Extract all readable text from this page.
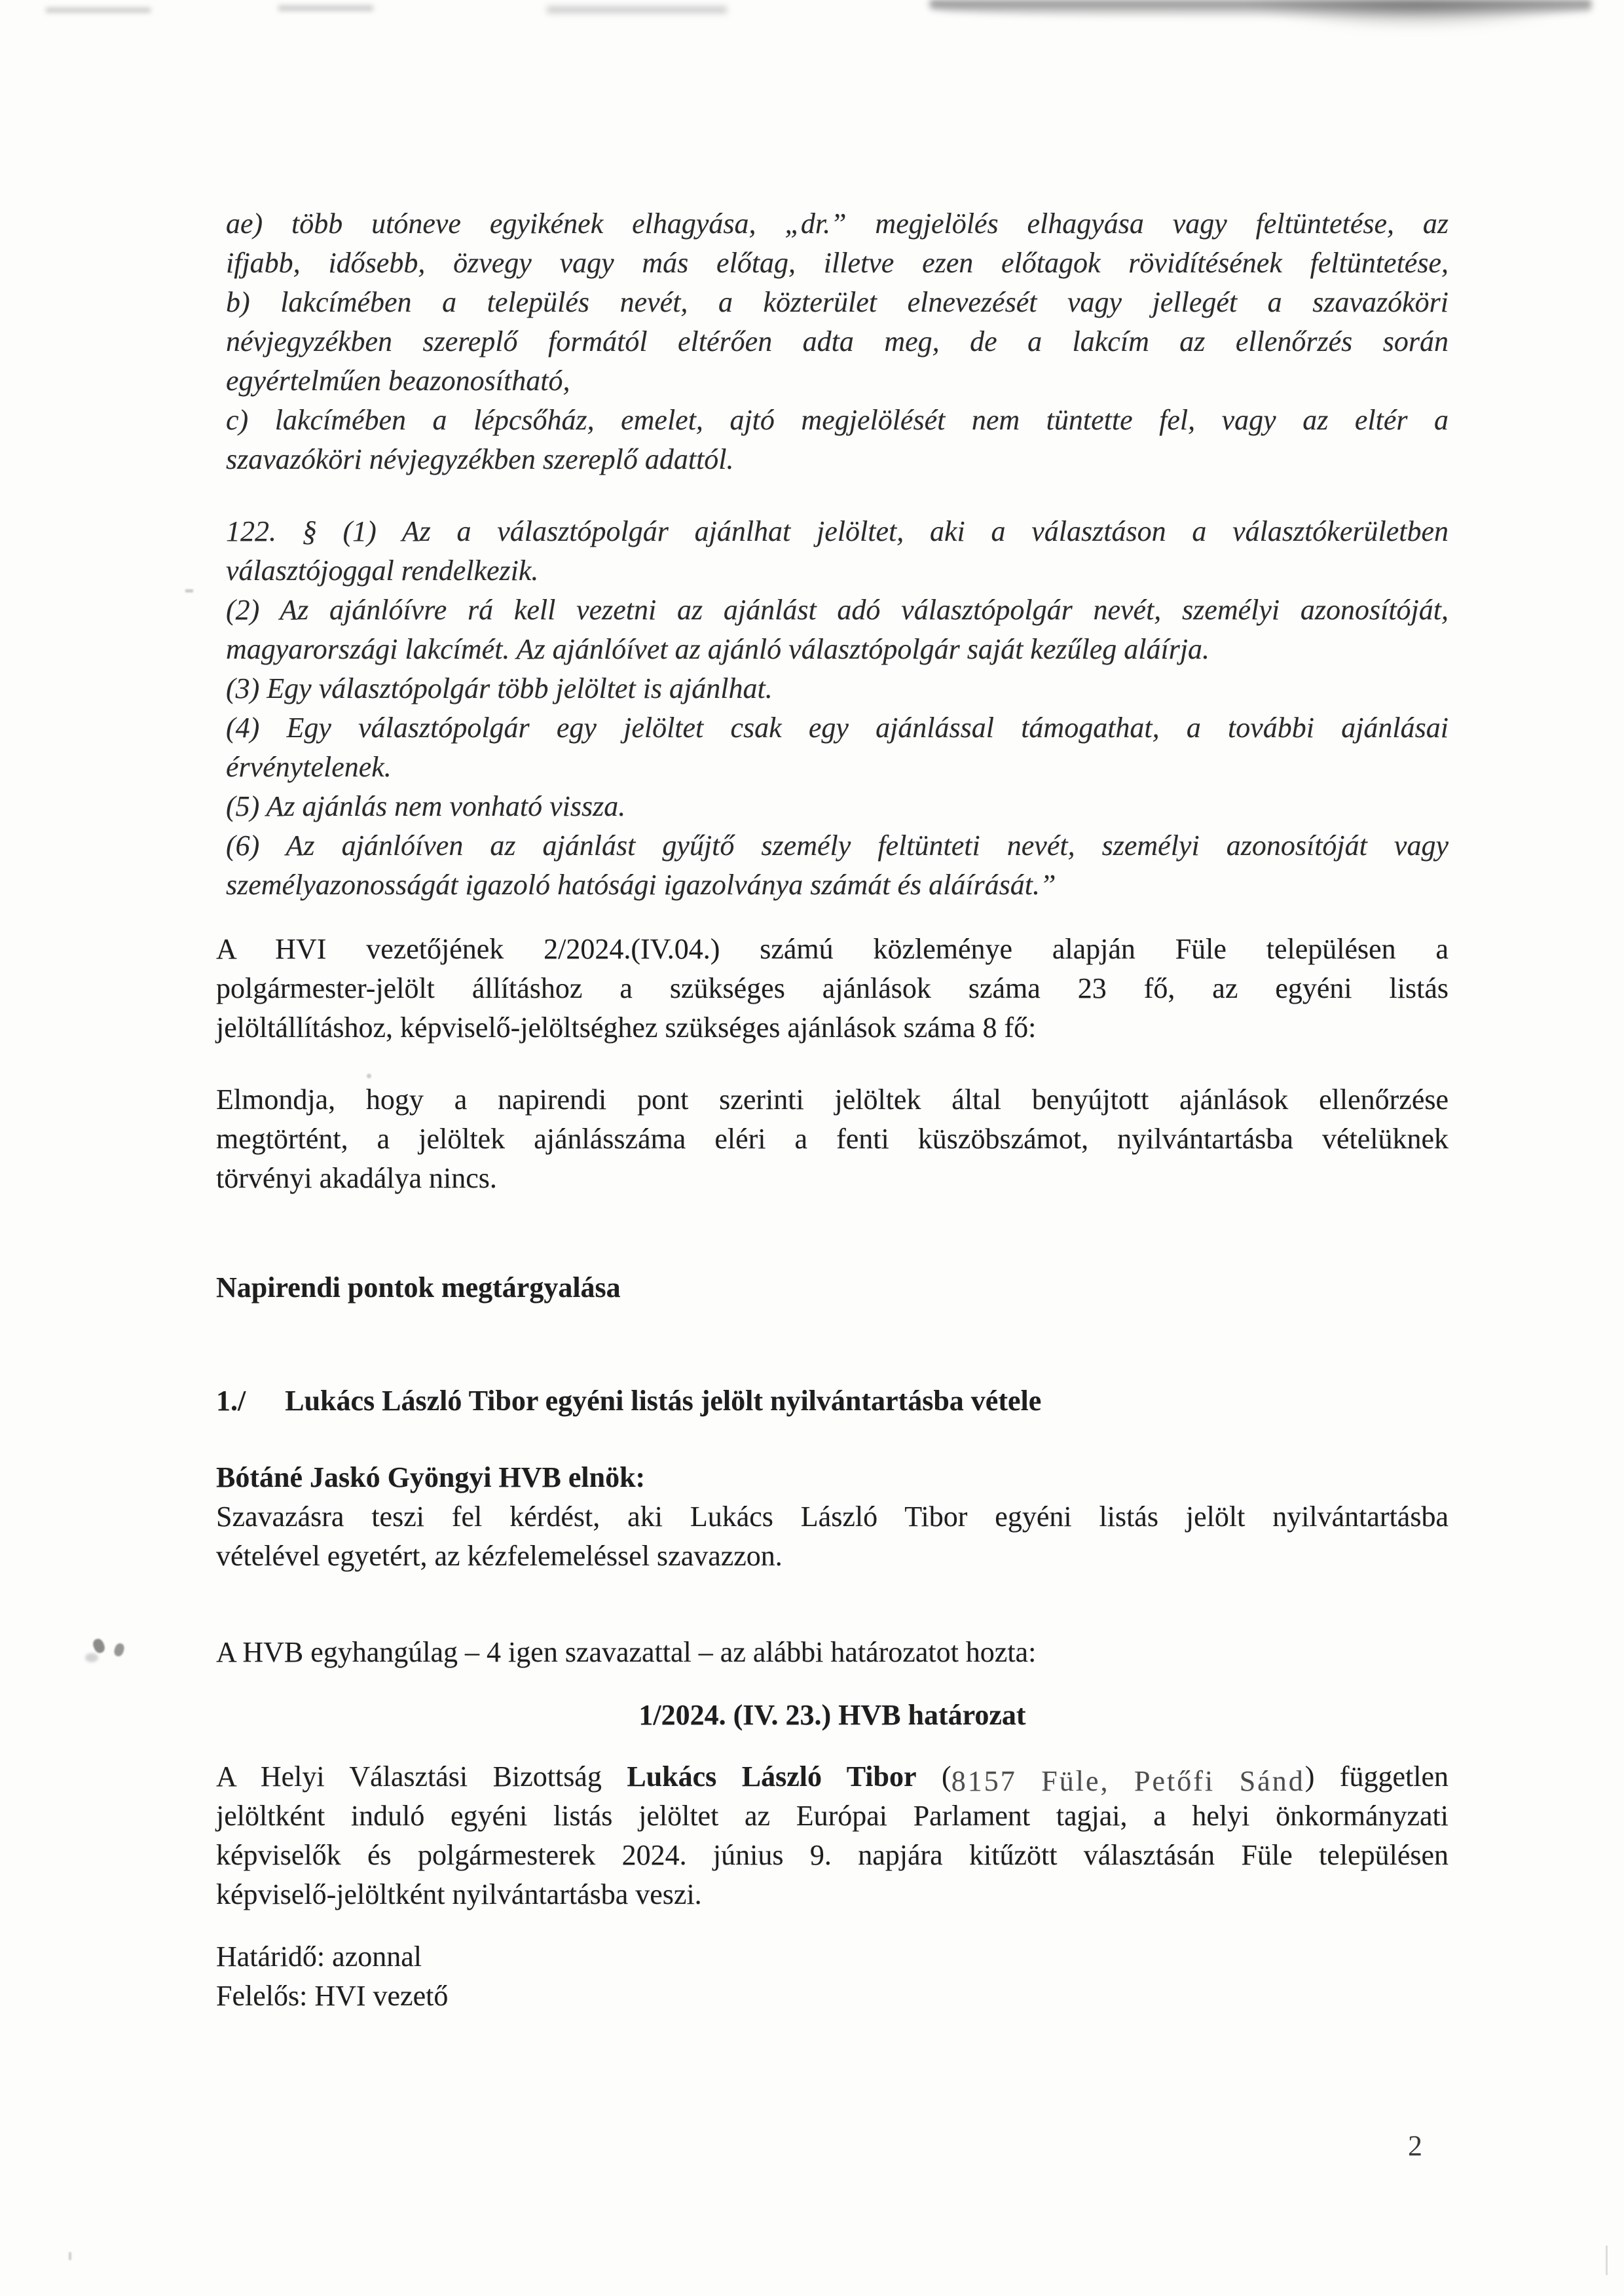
ae) több utóneve egyikének elhagyása, „dr.” megjelölés elhagyása vagy feltüntetése, az
ifjabb, idősebb, özvegy vagy más előtag, illetve ezen előtagok rövidítésének feltüntetése,
b) lakcímében a település nevét, a közterület elnevezését vagy jellegét a szavazóköri
névjegyzékben szereplő formától eltérően adta meg, de a lakcím az ellenőrzés során
egyértelműen beazonosítható,
c) lakcímében a lépcsőház, emelet, ajtó megjelölését nem tüntette fel, vagy az eltér a
szavazóköri névjegyzékben szereplő adattól.
122. § (1) Az a választópolgár ajánlhat jelöltet, aki a választáson a választókerületben
választójoggal rendelkezik.
(2) Az ajánlóívre rá kell vezetni az ajánlást adó választópolgár nevét, személyi azonosítóját,
magyarországi lakcímét. Az ajánlóívet az ajánló választópolgár saját kezűleg aláírja.
(3) Egy választópolgár több jelöltet is ajánlhat.
(4) Egy választópolgár egy jelöltet csak egy ajánlással támogathat, a további ajánlásai
érvénytelenek.
(5) Az ajánlás nem vonható vissza.
(6) Az ajánlóíven az ajánlást gyűjtő személy feltünteti nevét, személyi azonosítóját vagy
személyazonosságát igazoló hatósági igazolványa számát és aláírását.”
A HVI vezetőjének 2/2024.(IV.04.) számú közleménye alapján Füle településen a
polgármester-jelölt állításhoz a szükséges ajánlások száma 23 fő, az egyéni listás
jelöltállításhoz, képviselő-jelöltséghez szükséges ajánlások száma 8 fő:
Elmondja, hogy a napirendi pont szerinti jelöltek által benyújtott ajánlások ellenőrzése
megtörtént, a jelöltek ajánlásszáma eléri a fenti küszöbszámot, nyilvántartásba vételüknek
törvényi akadálya nincs.
Napirendi pontok megtárgyalása
1./ Lukács László Tibor egyéni listás jelölt nyilvántartásba vétele
Bótáné Jaskó Gyöngyi HVB elnök:
Szavazásra teszi fel kérdést, aki Lukács László Tibor egyéni listás jelölt nyilvántartásba
vételével egyetért, az kézfelemeléssel szavazzon.
A HVB egyhangúlag – 4 igen szavazattal – az alábbi határozatot hozta:
1/2024. (IV. 23.) HVB határozat
A Helyi Választási Bizottság Lukács László Tibor ( 8157 Füle, Petőfi Sánd ) független
jelöltként induló egyéni listás jelöltet az Európai Parlament tagjai, a helyi önkormányzati
képviselők és polgármesterek 2024. június 9. napjára kitűzött választásán Füle településen
képviselő-jelöltként nyilvántartásba veszi.
Határidő: azonnal
Felelős: HVI vezető
2
